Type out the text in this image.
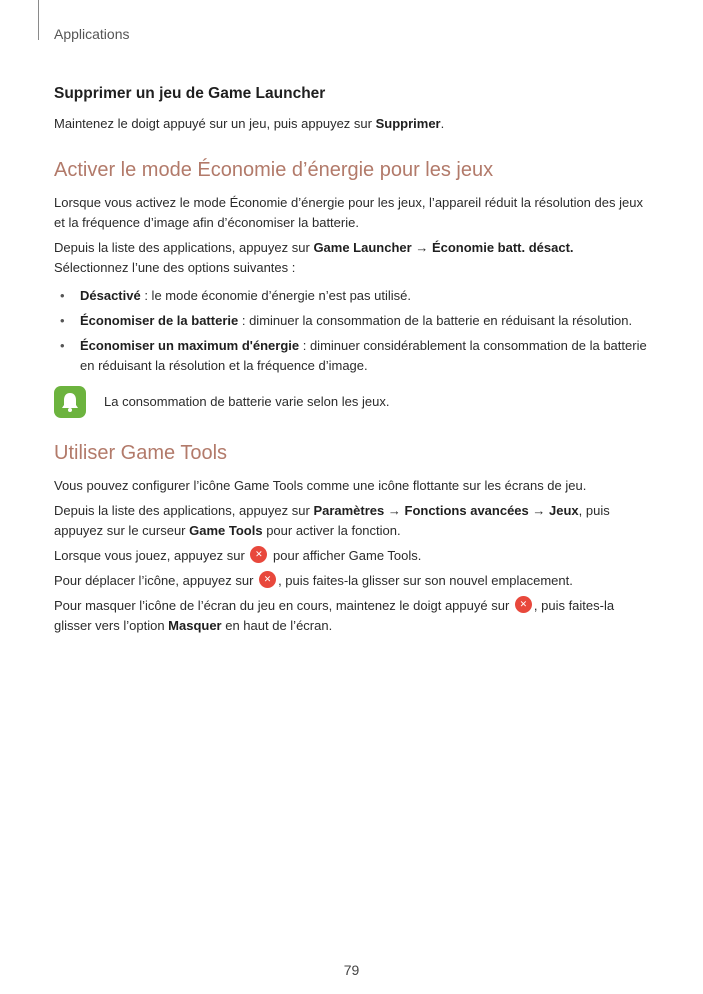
Applications
Supprimer un jeu de Game Launcher

Maintenez le doigt appuyé sur un jeu, puis appuyez sur Supprimer.

Activer le mode Économie d’énergie pour les jeux

Lorsque vous activez le mode Économie d’énergie pour les jeux, l’appareil réduit la résolution des jeux et la fréquence d’image afin d’économiser la batterie.

Depuis la liste des applications, appuyez sur Game Launcher → Économie batt. désact.
Sélectionnez l’une des options suivantes :

• Désactivé : le mode économie d’énergie n’est pas utilisé.
• Économiser de la batterie : diminuer la consommation de la batterie en réduisant la résolution.
• Économiser un maximum d'énergie : diminuer considérablement la consommation de la batterie en réduisant la résolution et la fréquence d’image.
La consommation de batterie varie selon les jeux.
Utiliser Game Tools

Vous pouvez configurer l’icône Game Tools comme une icône flottante sur les écrans de jeu.

Depuis la liste des applications, appuyez sur Paramètres → Fonctions avancées → Jeux, puis appuyez sur le curseur Game Tools pour activer la fonction.

Lorsque vous jouez, appuyez sur ✕ pour afficher Game Tools.

Pour déplacer l’icône, appuyez sur ✕, puis faites-la glisser sur son nouvel emplacement.

Pour masquer l’icône de l’écran du jeu en cours, maintenez le doigt appuyé sur ✕, puis faites-la glisser vers l’option Masquer en haut de l’écran.

79
